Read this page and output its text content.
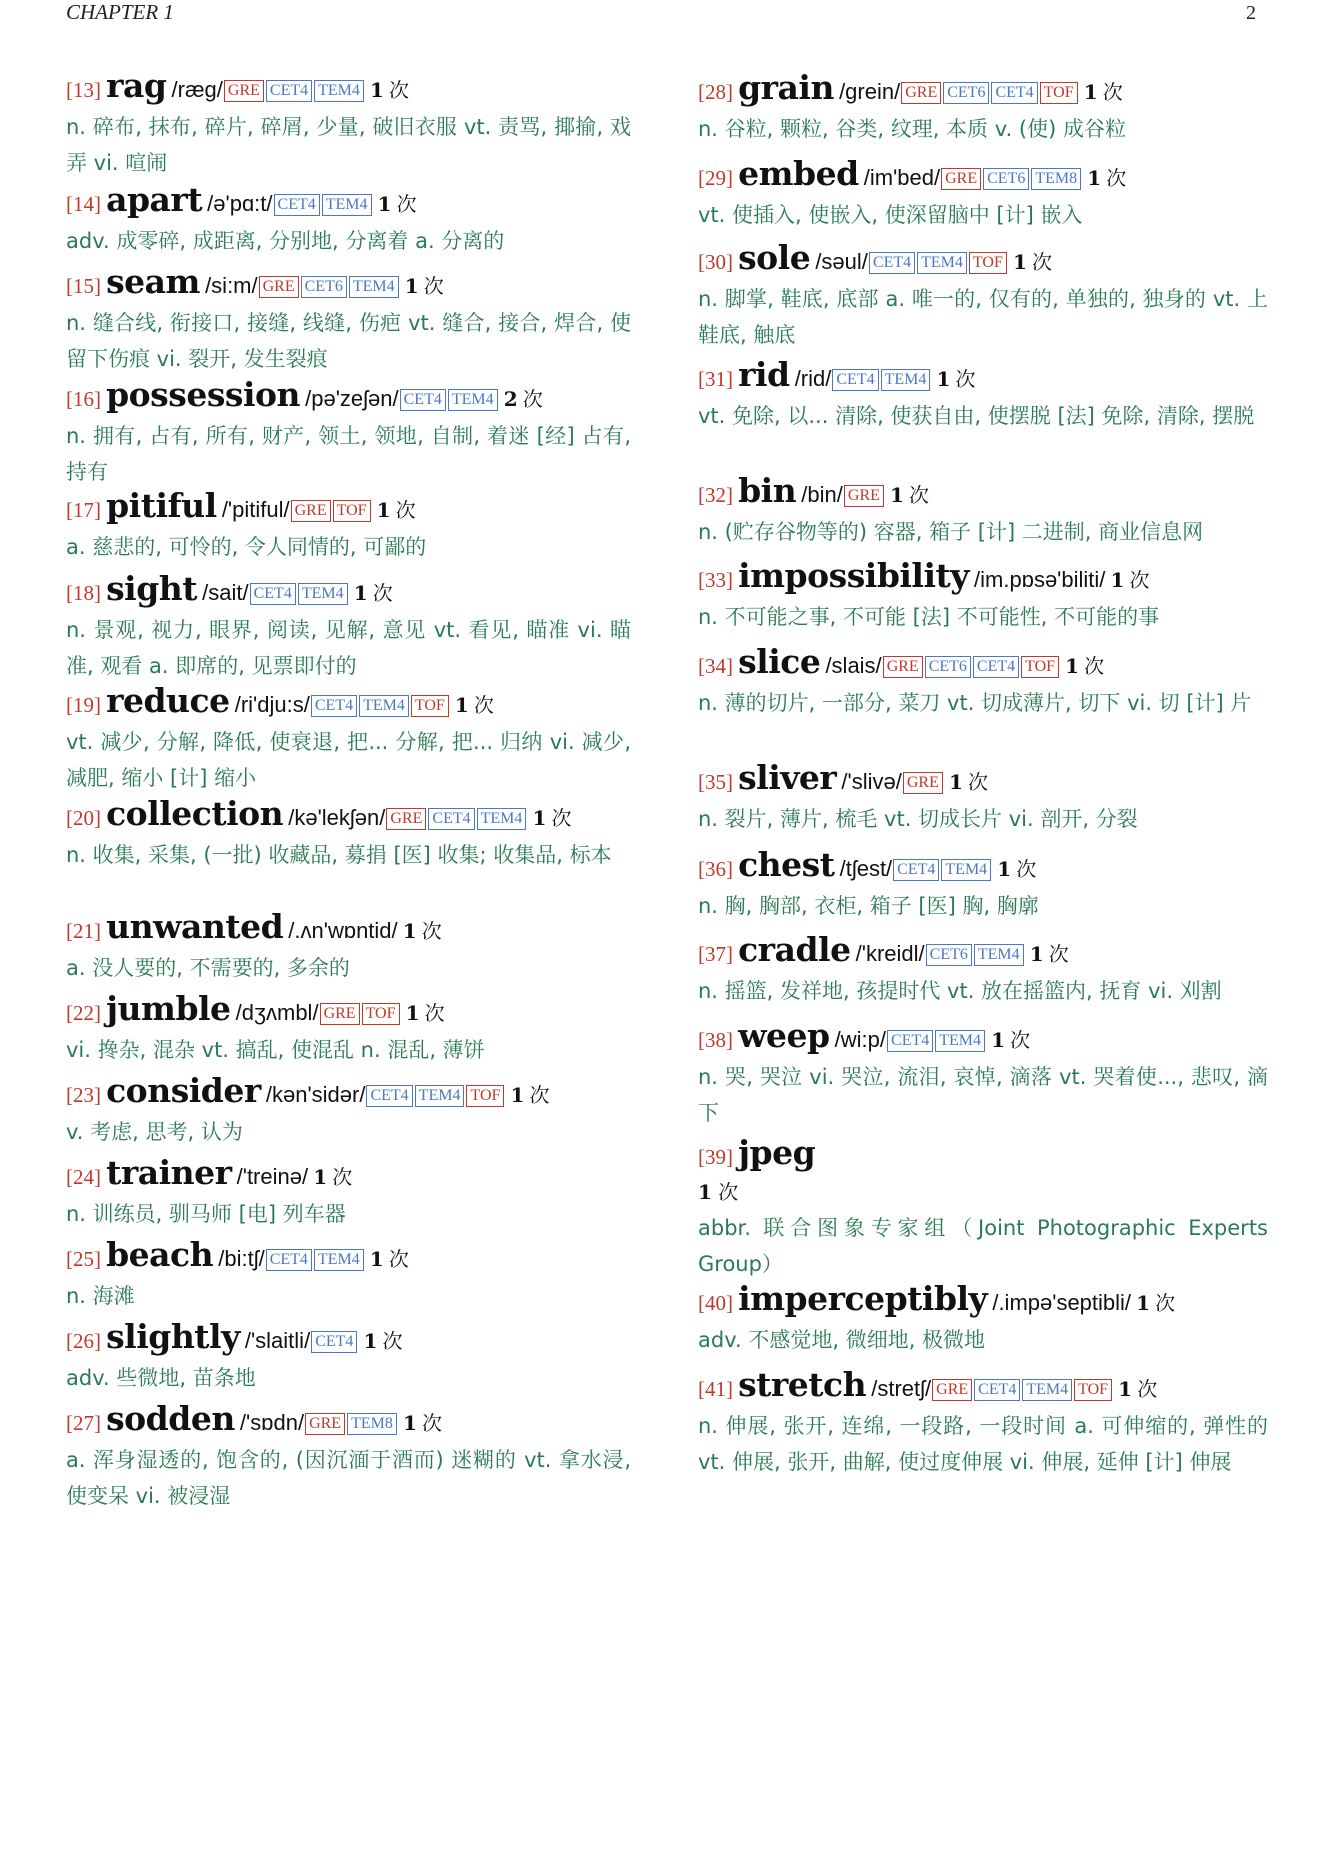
CHAPTER 1	2
[13] rag /ræg/ GRE CET4 TEM4 1 次
n. 碎布, 抹布, 碎片, 碎屑, 少量, 破旧衣服 vt. 责骂, 揶揄, 戏弄 vi. 喧闹
[14] apart /ə'pɑ:t/ CET4 TEM4 1 次
adv. 成零碎, 成距离, 分别地, 分离着 a. 分离的
[15] seam /si:m/ GRE CET6 TEM4 1 次
n. 缝合线, 衔接口, 接缝, 线缝, 伤疤 vt. 缝合, 接合, 焊合, 使留下伤痕 vi. 裂开, 发生裂痕
[16] possession /pə'zeʃən/ CET4 TEM4 2 次
n. 拥有, 占有, 所有, 财产, 领土, 领地, 自制, 着迷 [经] 占有, 持有
[17] pitiful /'pitiful/ GRE TOF 1 次
a. 慈悲的, 可怜的, 令人同情的, 可鄙的
[18] sight /sait/ CET4 TEM4 1 次
n. 景观, 视力, 眼界, 阅读, 见解, 意见 vt. 看见, 瞄准 vi. 瞄准, 观看 a. 即席的, 见票即付的
[19] reduce /ri'dju:s/ CET4 TEM4 TOF 1 次
vt. 减少, 分解, 降低, 使衰退, 把... 分解, 把... 归纳 vi. 减少, 减肥, 缩小 [计] 缩小
[20] collection /kə'lekʃən/ GRE CET4 TEM4 1 次
n. 收集, 采集, (一批) 收藏品, 募捐 [医] 收集; 收集品, 标本
[21] unwanted /.ʌn'wɒntid/ 1 次
a. 没人要的, 不需要的, 多余的
[22] jumble /dʒʌmbl/ GRE TOF 1 次
vi. 搀杂, 混杂 vt. 搞乱, 使混乱 n. 混乱, 薄饼
[23] consider /kən'sidər/ CET4 TEM4 TOF 1 次
v. 考虑, 思考, 认为
[24] trainer /'treinə/ 1 次
n. 训练员, 驯马师 [电] 列车器
[25] beach /bi:tʃ/ CET4 TEM4 1 次
n. 海滩
[26] slightly /'slaitli/ CET4 1 次
adv. 些微地, 苗条地
[27] sodden /'sɒdn/ GRE TEM8 1 次
a. 浑身湿透的, 饱含的, (因沉湎于酒而) 迷糊的 vt. 拿水浸, 使变呆 vi. 被浸湿
[28] grain /grein/ GRE CET6 CET4 TOF 1 次
n. 谷粒, 颗粒, 谷类, 纹理, 本质 v. (使) 成谷粒
[29] embed /im'bed/ GRE CET6 TEM8 1 次
vt. 使插入, 使嵌入, 使深留脑中 [计] 嵌入
[30] sole /səul/ CET4 TEM4 TOF 1 次
n. 脚掌, 鞋底, 底部 a. 唯一的, 仅有的, 单独的, 独身的 vt. 上鞋底, 触底
[31] rid /rid/ CET4 TEM4 1 次
vt. 免除, 以... 清除, 使获自由, 使摆脱 [法] 免除, 清除, 摆脱
[32] bin /bin/ GRE 1 次
n. (贮存谷物等的) 容器, 箱子 [计] 二进制, 商业信息网
[33] impossibility /im.pɒsə'biliti/ 1 次
n. 不可能之事, 不可能 [法] 不可能性, 不可能的事
[34] slice /slais/ GRE CET6 CET4 TOF 1 次
n. 薄的切片, 一部分, 菜刀 vt. 切成薄片, 切下 vi. 切 [计] 片
[35] sliver /'slivə/ GRE 1 次
n. 裂片, 薄片, 梳毛 vt. 切成长片 vi. 剖开, 分裂
[36] chest /tʃest/ CET4 TEM4 1 次
n. 胸, 胸部, 衣柜, 箱子 [医] 胸, 胸廓
[37] cradle /'kreidl/ CET6 TEM4 1 次
n. 摇篮, 发祥地, 孩提时代 vt. 放在摇篮内, 抚育 vi. 刈割
[38] weep /wi:p/ CET4 TEM4 1 次
n. 哭, 哭泣 vi. 哭泣, 流泪, 哀悼, 滴落 vt. 哭着使..., 悲叹, 滴下
[39] jpeg
1 次
abbr. 联合图象专家组（Joint Photographic Experts Group）
[40] imperceptibly /.impə'septibli/ 1 次
adv. 不感觉地, 微细地, 极微地
[41] stretch /stretʃ/ GRE CET4 TEM4 TOF 1 次
n. 伸展, 张开, 连绵, 一段路, 一段时间 a. 可伸缩的, 弹性的 vt. 伸展, 张开, 曲解, 使过度伸展 vi. 伸展, 延伸 [计] 伸展
